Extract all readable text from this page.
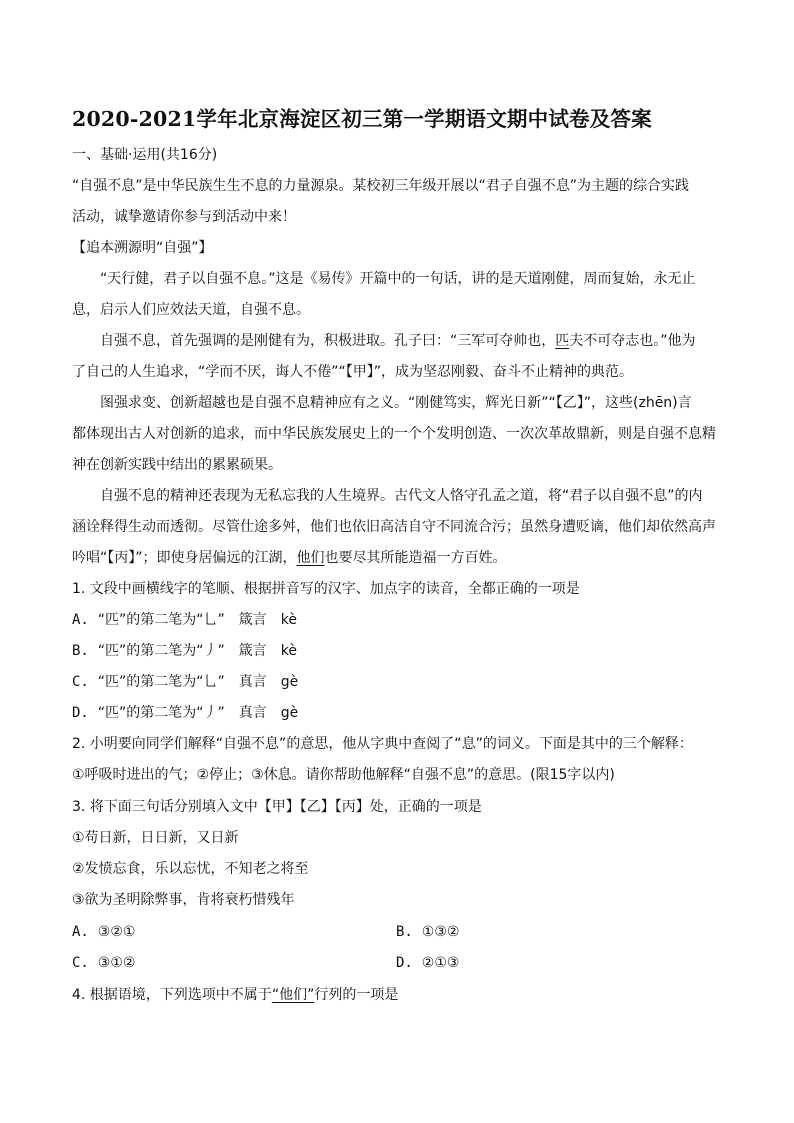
2020-2021学年北京海淀区初三第一学期语文期中试卷及答案
一、基础·运用(共16分)
“自强不息”是中华民族生生不息的力量源泉。某校初三年级开展以“君子自强不息”为主题的综合实践
活动，诚挚邀请你参与到活动中来！
【追本溯源明“自强”】
“天行健，君子以自强不息。”这是《易传》开篇中的一句话，讲的是天道刚健，周而复始，永无止
息，启示人们应效法天道，自强不息。
自强不息，首先强调的是刚健有为，积极进取。孔子曰：“三军可夺帅也，匹夫不可夺志也。”他为
了自己的人生追求，“学而不厌，诲人不倦”“【甲】”，成为坚忍刚毅、奋斗不止精神的典范。
图强求变、创新超越也是自强不息精神应有之义。“刚健笃实，辉光日新”“【乙】”，这些(zhēn)言
都体现出古人对创新的追求，而中华民族发展史上的一个个发明创造、一次次革故鼎新，则是自强不息精
神在创新实践中结出的累累硕果。
自强不息的精神还表现为无私忘我的人生境界。古代文人恪守孔孟之道，将“君子以自强不息”的内
涵诠释得生动而透彻。尽管仕途多舛，他们也依旧高洁自守不同流合污；虽然身遭贬谪，他们却依然高声
吟唱“【丙】”；即使身居偏远的江湖，他们也要尽其所能造福一方百姓。
1. 文段中画横线字的笔顺、根据拼音写的汉字、加点字的读音，全都正确的一项是
A. “匹”的第二笔为“乚”　箴言　kè
B. “匹”的第二笔为“丿”　箴言　kè
C. “匹”的第二笔为“乚”　真言　gè
D. “匹”的第二笔为“丿”　真言　gè
2. 小明要向同学们解释“自强不息”的意思，他从字典中查阅了“息”的词义。下面是其中的三个解释：
①呼吸时进出的气；②停止；③休息。请你帮助他解释“自强不息”的意思。(限15字以内)
3. 将下面三句话分别填入文中【甲】【乙】【丙】处，正确的一项是
①苟日新，日日新，又日新
②发愤忘食，乐以忘忧，不知老之将至
③欲为圣明除弊事，肯将衰朽惜残年
A. ③②①	B. ①③②
C. ③①②	D. ②①③
4. 根据语境，下列选项中不属于“他们”行列的一项是
